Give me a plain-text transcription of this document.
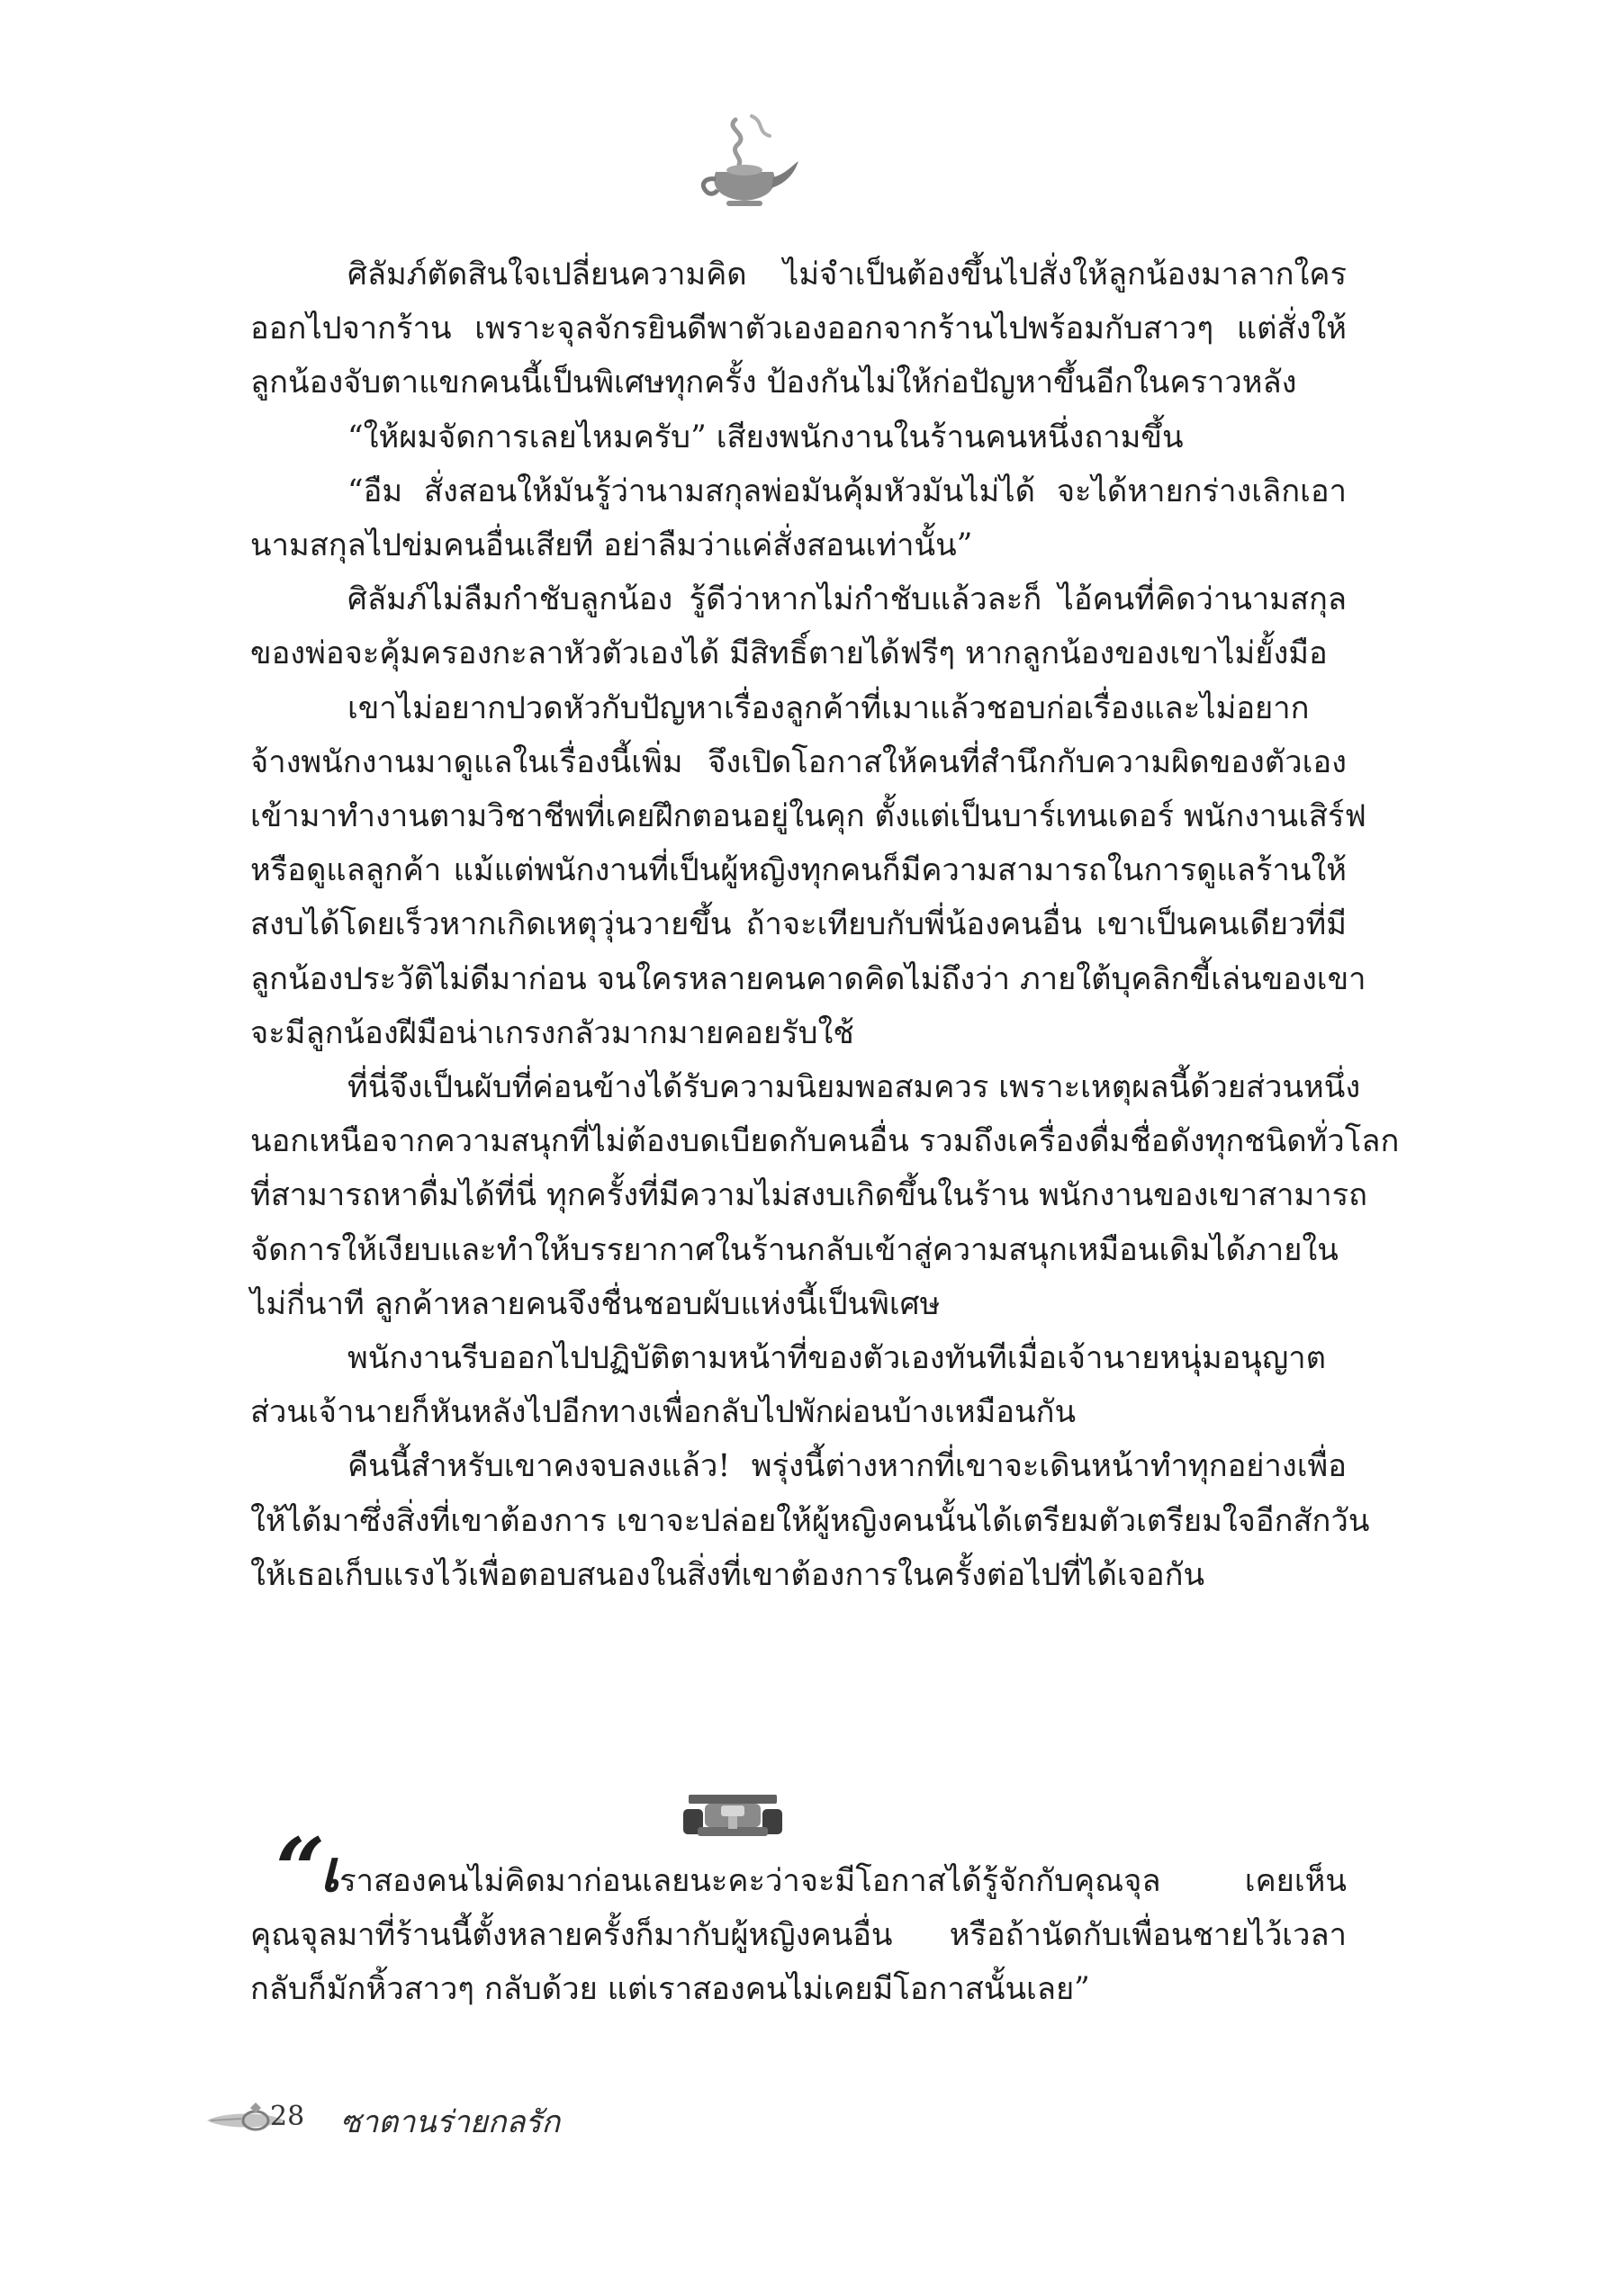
ศิลัมภ์ตัดสินใจเปลี่ยนความคิด ไม่จำเป็นต้องขึ้นไปสั่งให้ลูกน้องมาลากใคร
ออกไปจากร้าน เพราะจุลจักรยินดีพาตัวเองออกจากร้านไปพร้อมกับสาวๆ แต่สั่งให้
ลูกน้องจับตาแขกคนนี้เป็นพิเศษทุกครั้ง ป้องกันไม่ให้ก่อปัญหาขึ้นอีกในคราวหลัง

“ให้ผมจัดการเลยไหมครับ” เสียงพนักงานในร้านคนหนึ่งถามขึ้น

“อืม สั่งสอนให้มันรู้ว่านามสกุลพ่อมันคุ้มหัวมันไม่ได้ จะได้หายกร่างเลิกเอา
นามสกุลไปข่มคนอื่นเสียที อย่าลืมว่าแค่สั่งสอนเท่านั้น”

ศิลัมภ์ไม่ลืมกำชับลูกน้อง รู้ดีว่าหากไม่กำชับแล้วละก็ ไอ้คนที่คิดว่านามสกุล
ของพ่อจะคุ้มครองกะลาหัวตัวเองได้ มีสิทธิ์ตายได้ฟรีๆ หากลูกน้องของเขาไม่ยั้งมือ

เขาไม่อยากปวดหัวกับปัญหาเรื่องลูกค้าที่เมาแล้วชอบก่อเรื่องและไม่อยาก
จ้างพนักงานมาดูแลในเรื่องนี้เพิ่ม จึงเปิดโอกาสให้คนที่สำนึกกับความผิดของตัวเอง
เข้ามาทำงานตามวิชาชีพที่เคยฝึกตอนอยู่ในคุก ตั้งแต่เป็นบาร์เทนเดอร์ พนักงานเสิร์ฟ
หรือดูแลลูกค้า แม้แต่พนักงานที่เป็นผู้หญิงทุกคนก็มีความสามารถในการดูแลร้านให้
สงบได้โดยเร็วหากเกิดเหตุวุ่นวายขึ้น ถ้าจะเทียบกับพี่น้องคนอื่น เขาเป็นคนเดียวที่มี
ลูกน้องประวัติไม่ดีมาก่อน จนใครหลายคนคาดคิดไม่ถึงว่า ภายใต้บุคลิกขี้เล่นของเขา
จะมีลูกน้องฝีมือน่าเกรงกลัวมากมายคอยรับใช้

ที่นี่จึงเป็นผับที่ค่อนข้างได้รับความนิยมพอสมควร เพราะเหตุผลนี้ด้วยส่วนหนึ่ง
นอกเหนือจากความสนุกที่ไม่ต้องบดเบียดกับคนอื่น รวมถึงเครื่องดื่มชื่อดังทุกชนิดทั่วโลก
ที่สามารถหาดื่มได้ที่นี่ ทุกครั้งที่มีความไม่สงบเกิดขึ้นในร้าน พนักงานของเขาสามารถ
จัดการให้เงียบและทำให้บรรยากาศในร้านกลับเข้าสู่ความสนุกเหมือนเดิมได้ภายใน
ไม่กี่นาที ลูกค้าหลายคนจึงชื่นชอบผับแห่งนี้เป็นพิเศษ

พนักงานรีบออกไปปฏิบัติตามหน้าที่ของตัวเองทันทีเมื่อเจ้านายหนุ่มอนุญาต
ส่วนเจ้านายก็หันหลังไปอีกทางเพื่อกลับไปพักผ่อนบ้างเหมือนกัน

คืนนี้สำหรับเขาคงจบลงแล้ว! พรุ่งนี้ต่างหากที่เขาจะเดินหน้าทำทุกอย่างเพื่อ
ให้ได้มาซึ่งสิ่งที่เขาต้องการ เขาจะปล่อยให้ผู้หญิงคนนั้นได้เตรียมตัวเตรียมใจอีกสักวัน
ให้เธอเก็บแรงไว้เพื่อตอบสนองในสิ่งที่เขาต้องการในครั้งต่อไปที่ได้เจอกัน

“เราสองคนไม่คิดมาก่อนเลยนะคะว่าจะมีโอกาสได้รู้จักกับคุณจุล เคยเห็น
คุณจุลมาที่ร้านนี้ตั้งหลายครั้งก็มากับผู้หญิงคนอื่น หรือถ้านัดกับเพื่อนชายไว้เวลา
กลับก็มักหิ้วสาวๆ กลับด้วย แต่เราสองคนไม่เคยมีโอกาสนั้นเลย”

28 ซาตานร่ายกลรัก
